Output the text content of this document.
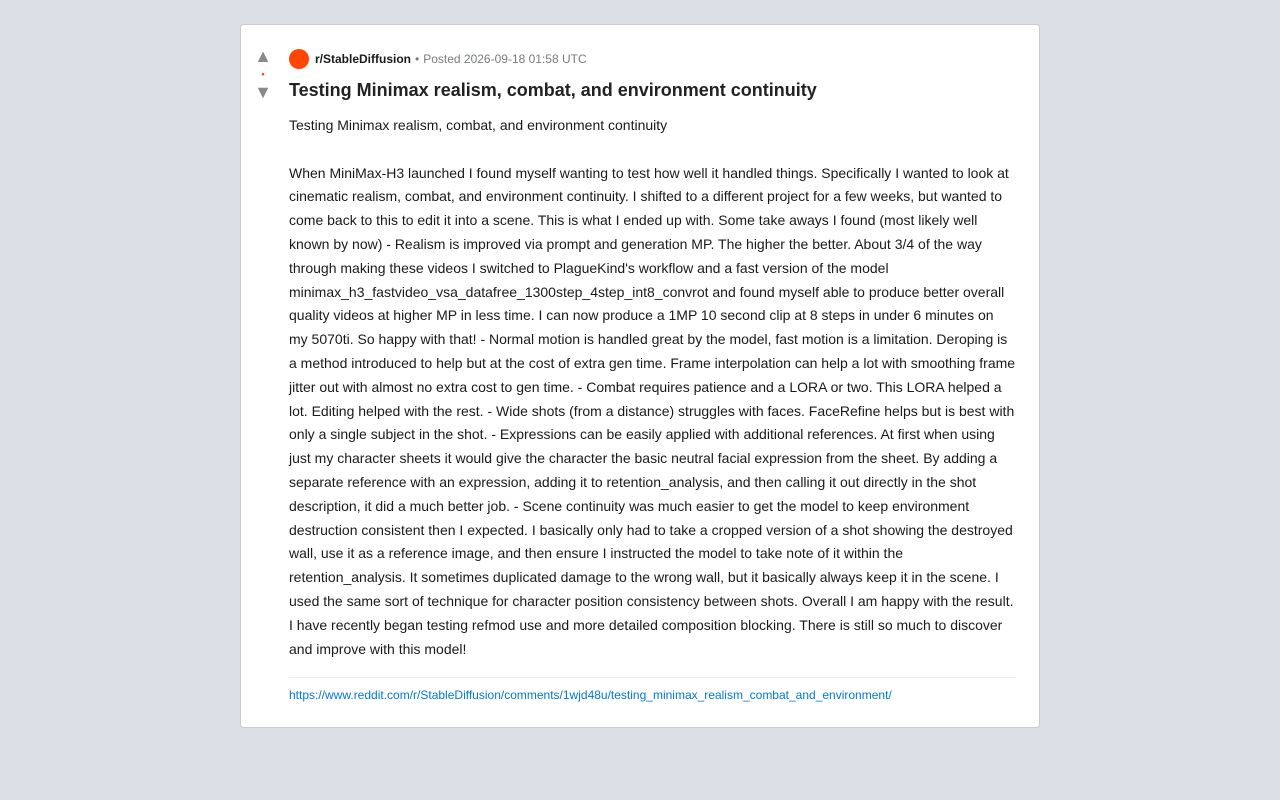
▲
•
▼
r/StableDiffusion • Posted 2026-09-18 01:58 UTC
Testing Minimax realism, combat, and environment continuity

Testing Minimax realism, combat, and environment continuity

When MiniMax-H3 launched I found myself wanting to test how well it handled things. Specifically I wanted to look at cinematic realism, combat, and environment continuity. I shifted to a different project for a few weeks, but wanted to come back to this to edit it into a scene. This is what I ended up with. Some take aways I found (most likely well known by now) - Realism is improved via prompt and generation MP. The higher the better. About 3/4 of the way through making these videos I switched to PlagueKind's workflow and a fast version of the model minimax_h3_fastvideo_vsa_datafree_1300step_4step_int8_convrot and found myself able to produce better overall quality videos at higher MP in less time. I can now produce a 1MP 10 second clip at 8 steps in under 6 minutes on my 5070ti. So happy with that! - Normal motion is handled great by the model, fast motion is a limitation. Deroping is a method introduced to help but at the cost of extra gen time. Frame interpolation can help a lot with smoothing frame jitter out with almost no extra cost to gen time. - Combat requires patience and a LORA or two. This LORA helped a lot. Editing helped with the rest. - Wide shots (from a distance) struggles with faces. FaceRefine helps but is best with only a single subject in the shot. - Expressions can be easily applied with additional references. At first when using just my character sheets it would give the character the basic neutral facial expression from the sheet. By adding a separate reference with an expression, adding it to retention_analysis, and then calling it out directly in the shot description, it did a much better job. - Scene continuity was much easier to get the model to keep environment destruction consistent then I expected. I basically only had to take a cropped version of a shot showing the destroyed wall, use it as a reference image, and then ensure I instructed the model to take note of it within the retention_analysis. It sometimes duplicated damage to the wrong wall, but it basically always keep it in the scene. I used the same sort of technique for character position consistency between shots. Overall I am happy with the result. I have recently began testing refmod use and more detailed composition blocking. There is still so much to discover and improve with this model!

https://www.reddit.com/r/StableDiffusion/comments/1wjd48u/testing_minimax_realism_combat_and_environment/
